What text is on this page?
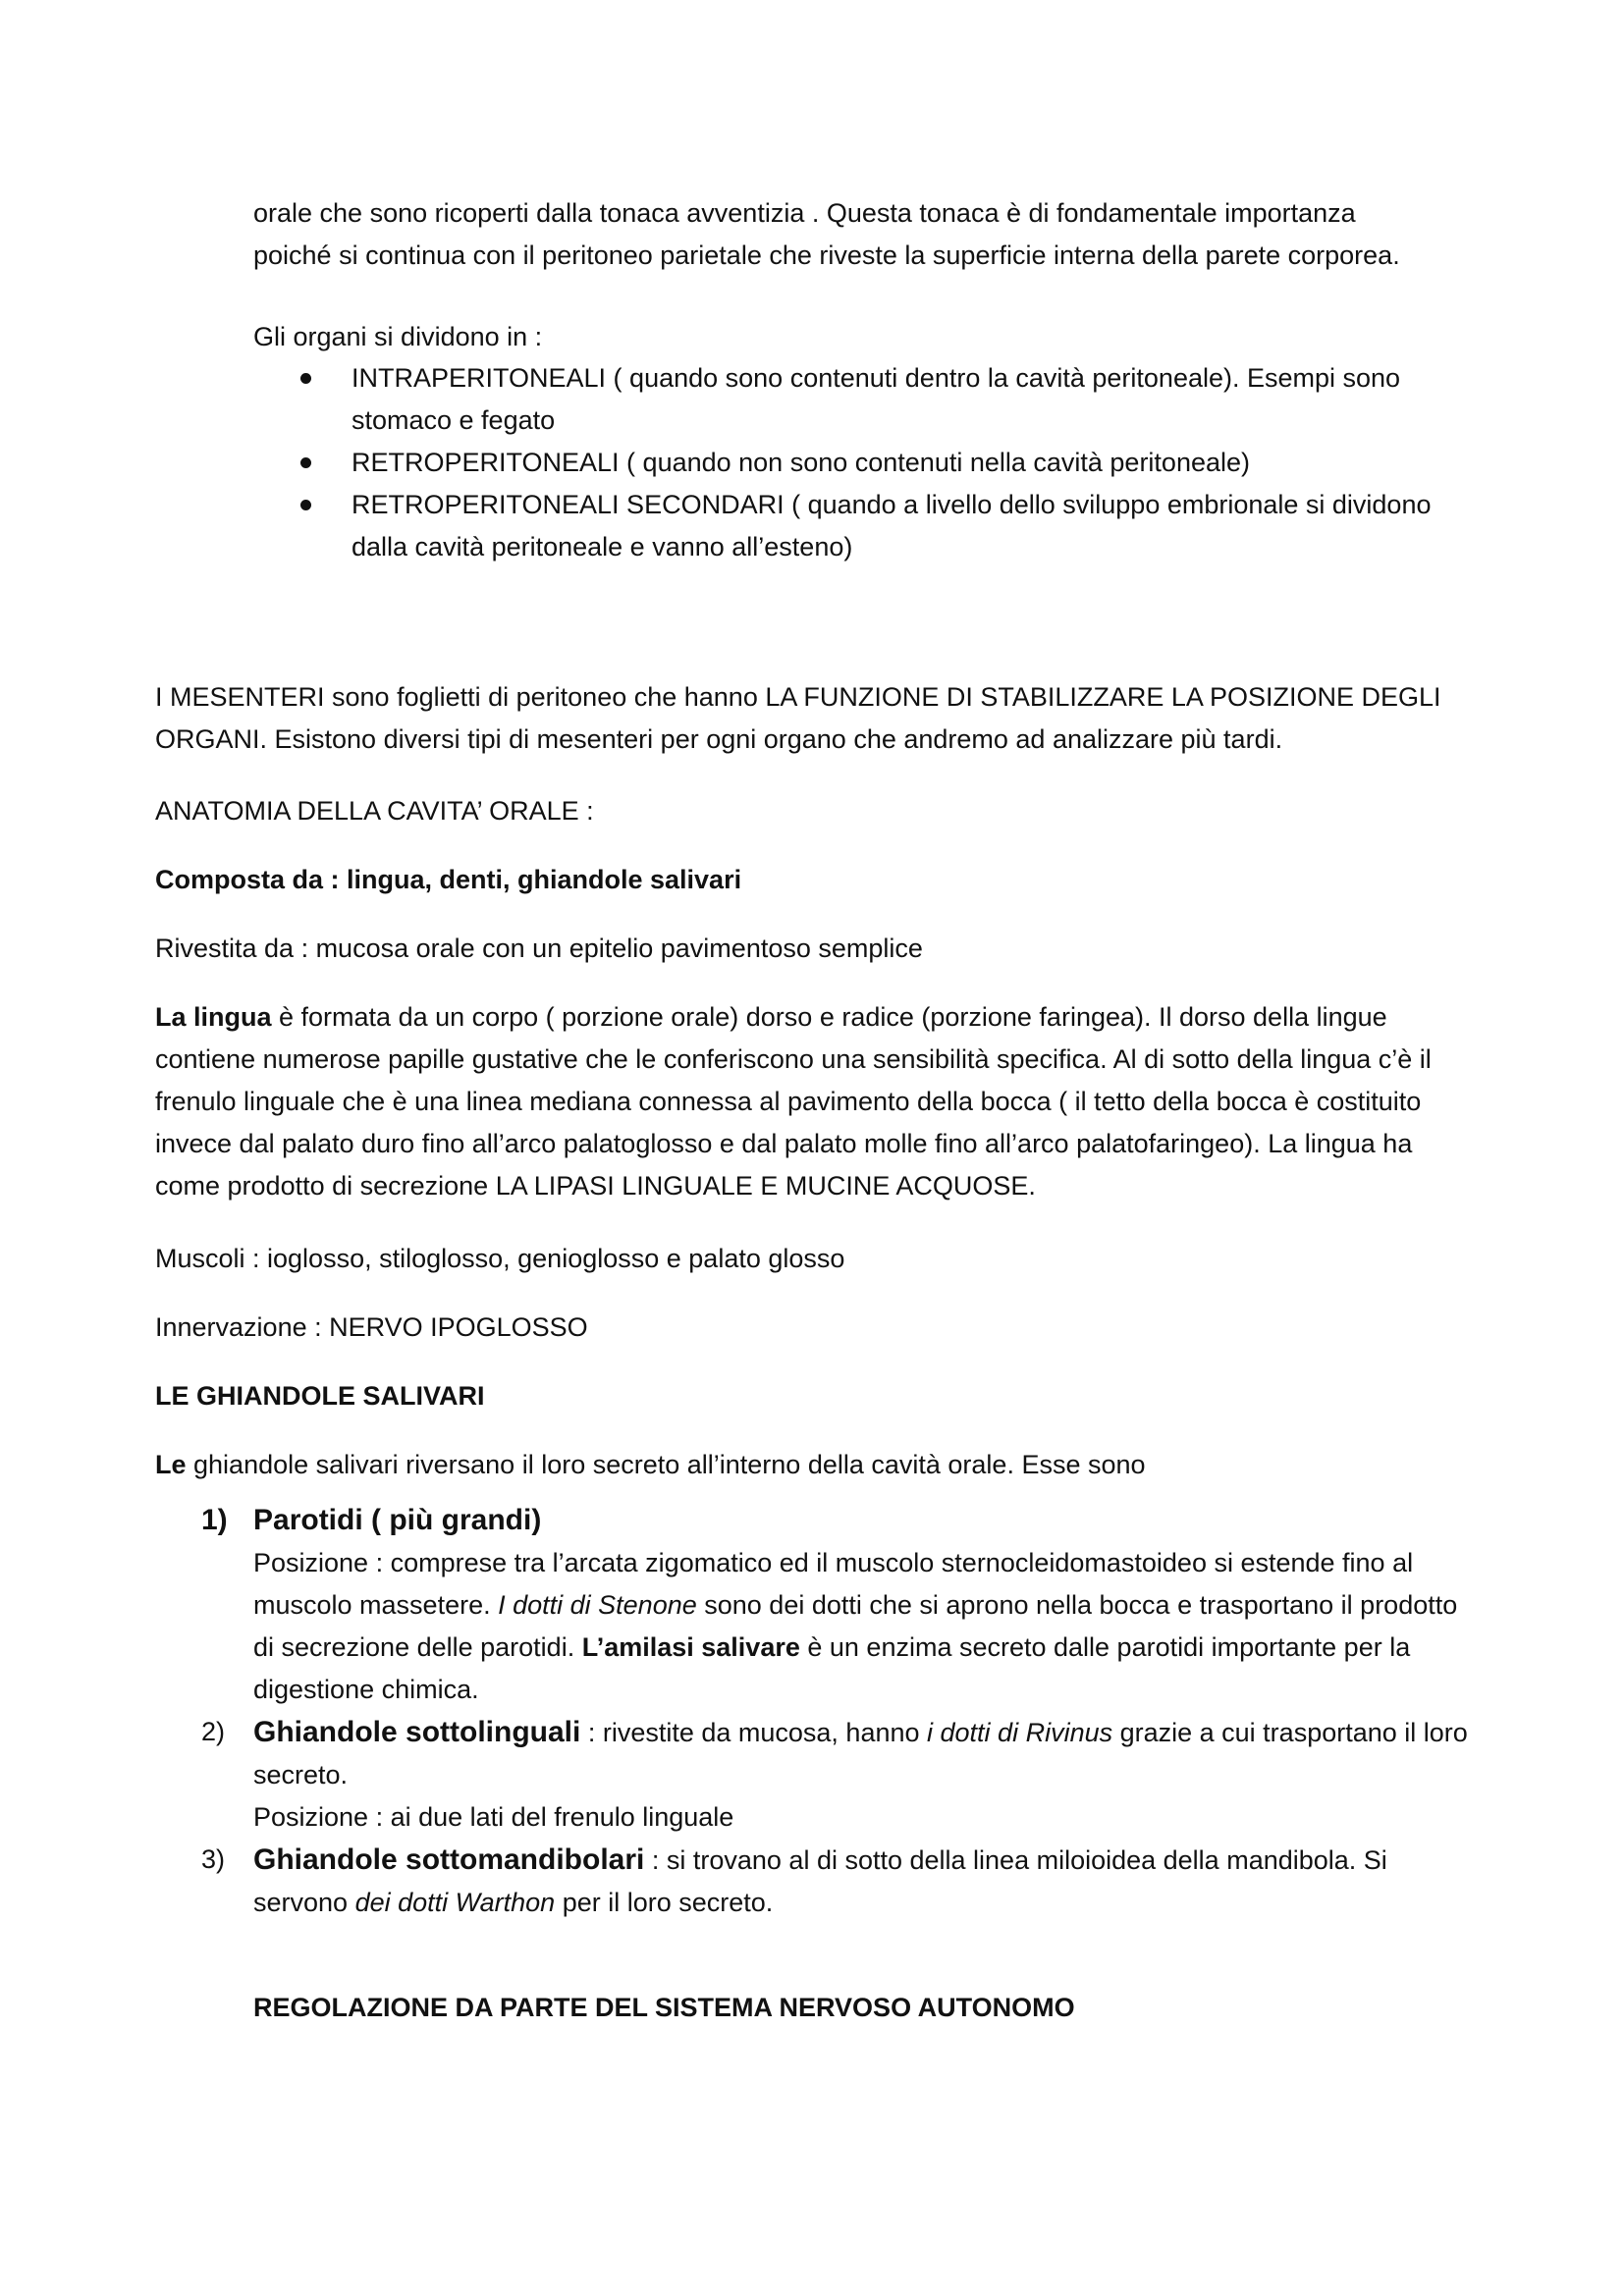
orale che sono ricoperti dalla tonaca avventizia . Questa tonaca è di fondamentale importanza
poiché si continua con il peritoneo parietale che riveste la superficie interna della parete corporea.

Gli organi si dividono in :

INTRAPERITONEALI ( quando sono contenuti dentro la cavità peritoneale). Esempi sono stomaco e fegato
RETROPERITONEALI ( quando non sono contenuti nella cavità peritoneale)
RETROPERITONEALI SECONDARI ( quando a livello dello sviluppo embrionale si dividono dalla cavità peritoneale e vanno all’esteno)

I MESENTERI sono foglietti di peritoneo che hanno LA FUNZIONE DI STABILIZZARE LA POSIZIONE DEGLI ORGANI. Esistono diversi tipi di mesenteri per ogni organo che andremo ad analizzare più tardi.

ANATOMIA DELLA CAVITA’ ORALE :

Composta da : lingua, denti, ghiandole salivari

Rivestita da : mucosa orale con un epitelio pavimentoso semplice

La lingua è formata da un corpo ( porzione orale) dorso e radice (porzione faringea). Il dorso della lingue contiene numerose papille gustative che le conferiscono una sensibilità specifica. Al di sotto della lingua c’è il frenulo linguale che è una linea mediana connessa al pavimento della bocca ( il tetto della bocca è costituito invece dal palato duro fino all’arco palatoglosso e dal palato molle fino all’arco palatofaringeo). La lingua ha come prodotto di secrezione LA LIPASI LINGUALE E MUCINE ACQUOSE.

Muscoli : ioglosso, stiloglosso, genioglosso e palato glosso

Innervazione : NERVO IPOGLOSSO

LE GHIANDOLE SALIVARI

Le ghiandole salivari riversano il loro secreto all’interno della cavità orale. Esse sono

1) Parotidi ( più grandi)
Posizione : comprese tra l’arcata zigomatico ed il muscolo sternocleidomastoideo si estende fino al muscolo massetere. I dotti di Stenone sono dei dotti che si aprono nella bocca e trasportano il prodotto di secrezione delle parotidi. L’amilasi salivare è un enzima secreto dalle parotidi importante per la digestione chimica.
2) Ghiandole sottolinguali : rivestite da mucosa, hanno i dotti di Rivinus grazie a cui trasportano il loro secreto.
Posizione : ai due lati del frenulo linguale
3) Ghiandole sottomandibolari : si trovano al di sotto della linea miloioidea della mandibola. Si servono dei dotti Warthon per il loro secreto.

REGOLAZIONE DA PARTE DEL SISTEMA NERVOSO AUTONOMO
